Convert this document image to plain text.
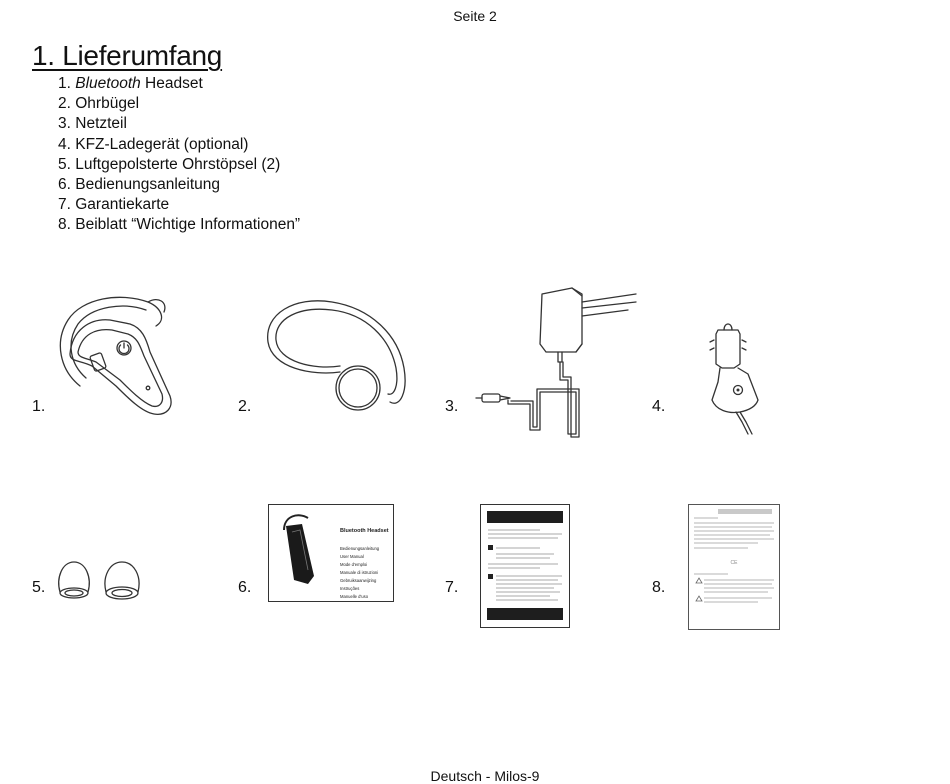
Seite 2
1. Lieferumfang
1. Bluetooth Headset
2. Ohrbügel
3. Netzteil
4. KFZ-Ladegerät (optional)
5. Luftgepolsterte Ohrstöpsel (2)
6. Bedienungsanleitung
7. Garantiekarte
8. Beiblatt “Wichtige Informationen”
1.	2.	3.	4.
5.	6.	7.	8.
Bluetooth Headset
Bedienungsanleitung
User Manual
Mode d'emploi
Manuale di istruzioni
Gebruiksaanwijzing
Instruções
Manuelle d'uso
CE
Deutsch - Milos-9
